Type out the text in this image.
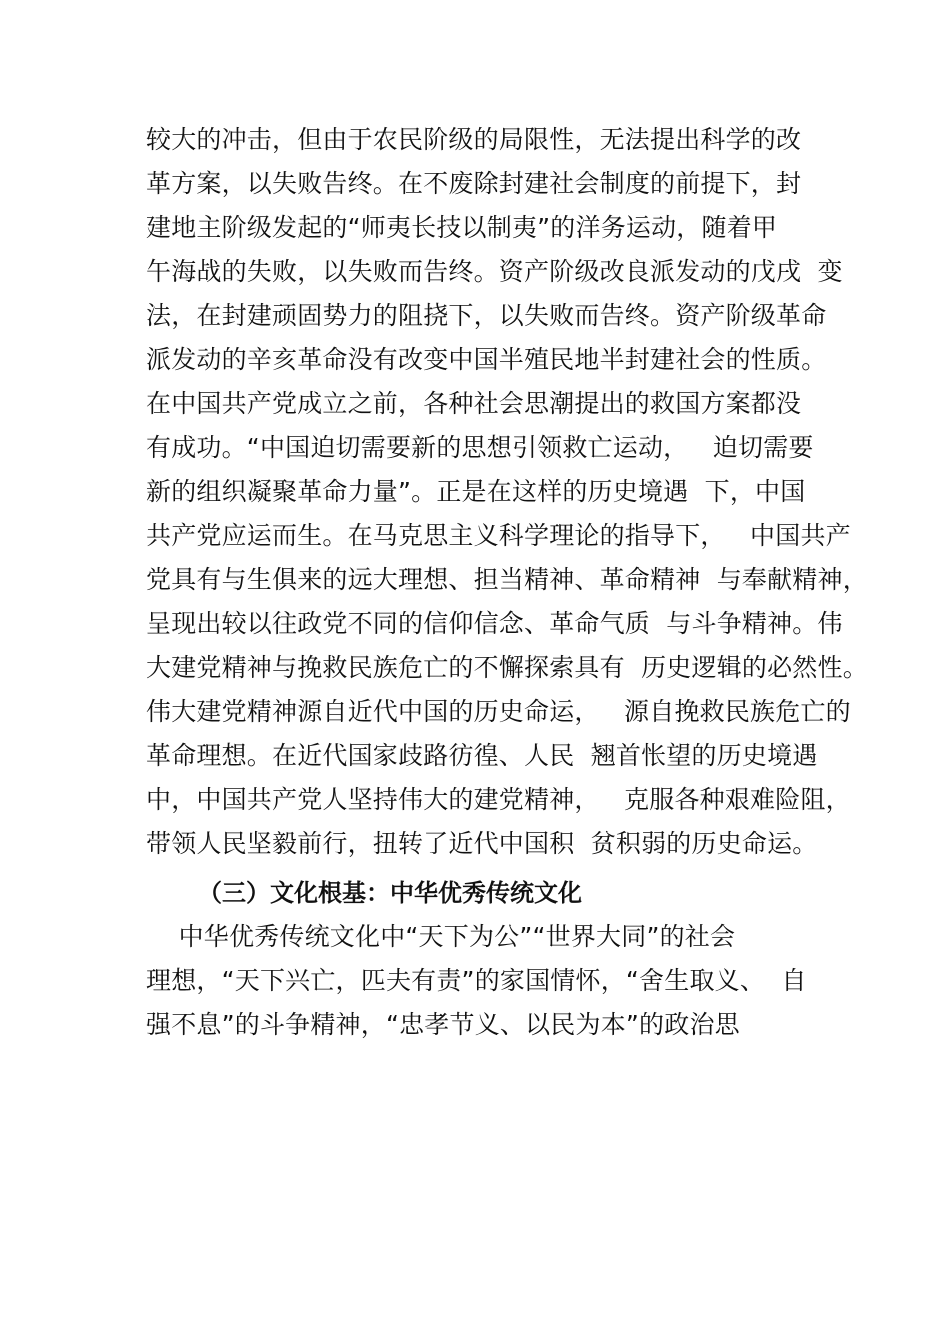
较大的冲击，但由于农民阶级的局限性，无法提出科学的改
革方案，以失败告终。在不废除封建社会制度的前提下，封
建地主阶级发起的“师夷长技以制夷”的洋务运动，随着甲
午海战的失败，以失败而告终。资产阶级改良派发动的戊戌  变
法，在封建顽固势力的阻挠下，以失败而告终。资产阶级革命
派发动的辛亥革命没有改变中国半殖民地半封建社会的性质。
在中国共产党成立之前，各种社会思潮提出的救国方案都没
有成功。“中国迫切需要新的思想引领救亡运动，   迫切需要
新的组织凝聚革命力量”。正是在这样的历史境遇  下，中国
共产党应运而生。在马克思主义科学理论的指导下，   中国共产
党具有与生俱来的远大理想、担当精神、革命精神  与奉献精神，
呈现出较以往政党不同的信仰信念、革命气质  与斗争精神。伟
大建党精神与挽救民族危亡的不懈探索具有  历史逻辑的必然性。
伟大建党精神源自近代中国的历史命运，   源自挽救民族危亡的
革命理想。在近代国家歧路彷徨、人民  翘首怅望的历史境遇
中，中国共产党人坚持伟大的建党精神，   克服各种艰难险阻，
带领人民坚毅前行，扭转了近代中国积  贫积弱的历史命运。
（三）文化根基：中华优秀传统文化
中华优秀传统文化中“天下为公”“世界大同”的社会
理想，“天下兴亡，匹夫有责”的家国情怀，“舍生取义、  自
强不息”的斗争精神，“忠孝节义、以民为本”的政治思
